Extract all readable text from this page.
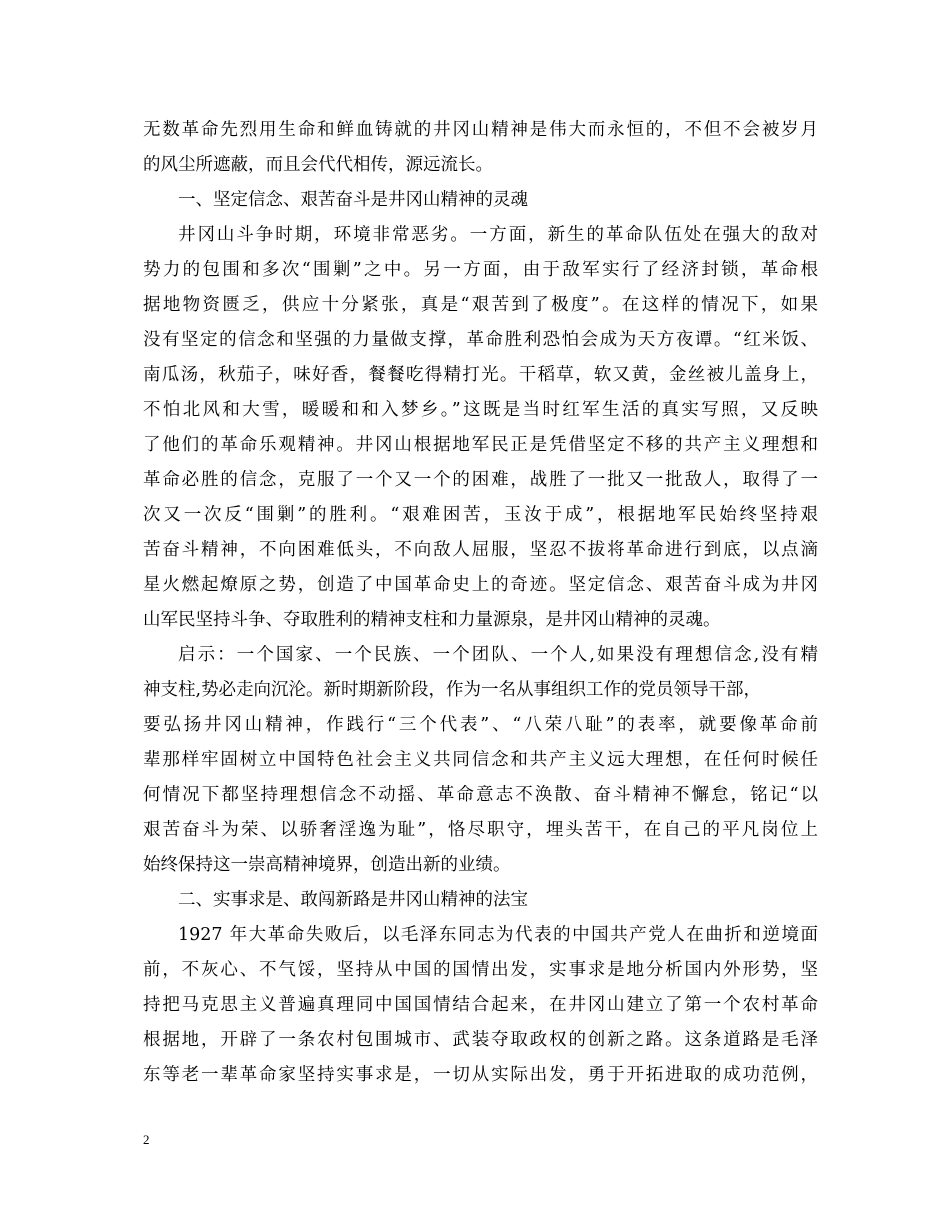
无数革命先烈用生命和鲜血铸就的井冈山精神是伟大而永恒的，不但不会被岁月
的风尘所遮蔽，而且会代代相传，源远流长。
一、坚定信念、艰苦奋斗是井冈山精神的灵魂
井冈山斗争时期，环境非常恶劣。一方面，新生的革命队伍处在强大的敌对
势力的包围和多次“围剿”之中。另一方面，由于敌军实行了经济封锁，革命根
据地物资匮乏，供应十分紧张，真是“艰苦到了极度”。在这样的情况下，如果
没有坚定的信念和坚强的力量做支撑，革命胜利恐怕会成为天方夜谭。“红米饭、
南瓜汤，秋茄子，味好香，餐餐吃得精打光。干稻草，软又黄，金丝被儿盖身上，
不怕北风和大雪，暖暖和和入梦乡。”这既是当时红军生活的真实写照，又反映
了他们的革命乐观精神。井冈山根据地军民正是凭借坚定不移的共产主义理想和
革命必胜的信念，克服了一个又一个的困难，战胜了一批又一批敌人，取得了一
次又一次反“围剿”的胜利。“艰难困苦，玉汝于成”，根据地军民始终坚持艰
苦奋斗精神，不向困难低头，不向敌人屈服，坚忍不拔将革命进行到底，以点滴
星火燃起燎原之势，创造了中国革命史上的奇迹。坚定信念、艰苦奋斗成为井冈
山军民坚持斗争、夺取胜利的精神支柱和力量源泉，是井冈山精神的灵魂。
启示：一个国家、一个民族、一个团队、一个人,如果没有理想信念,没有精
神支柱,势必走向沉沦。新时期新阶段，作为一名从事组织工作的党员领导干部，
要弘扬井冈山精神，作践行“三个代表”、“八荣八耻”的表率，就要像革命前
辈那样牢固树立中国特色社会主义共同信念和共产主义远大理想，在任何时候任
何情况下都坚持理想信念不动摇、革命意志不涣散、奋斗精神不懈怠，铭记“以
艰苦奋斗为荣、以骄奢淫逸为耻”，恪尽职守，埋头苦干，在自己的平凡岗位上
始终保持这一崇高精神境界，创造出新的业绩。
二、实事求是、敢闯新路是井冈山精神的法宝
1927 年大革命失败后，以毛泽东同志为代表的中国共产党人在曲折和逆境面
前，不灰心、不气馁，坚持从中国的国情出发，实事求是地分析国内外形势，坚
持把马克思主义普遍真理同中国国情结合起来，在井冈山建立了第一个农村革命
根据地，开辟了一条农村包围城市、武装夺取政权的创新之路。这条道路是毛泽
东等老一辈革命家坚持实事求是，一切从实际出发，勇于开拓进取的成功范例，
2
